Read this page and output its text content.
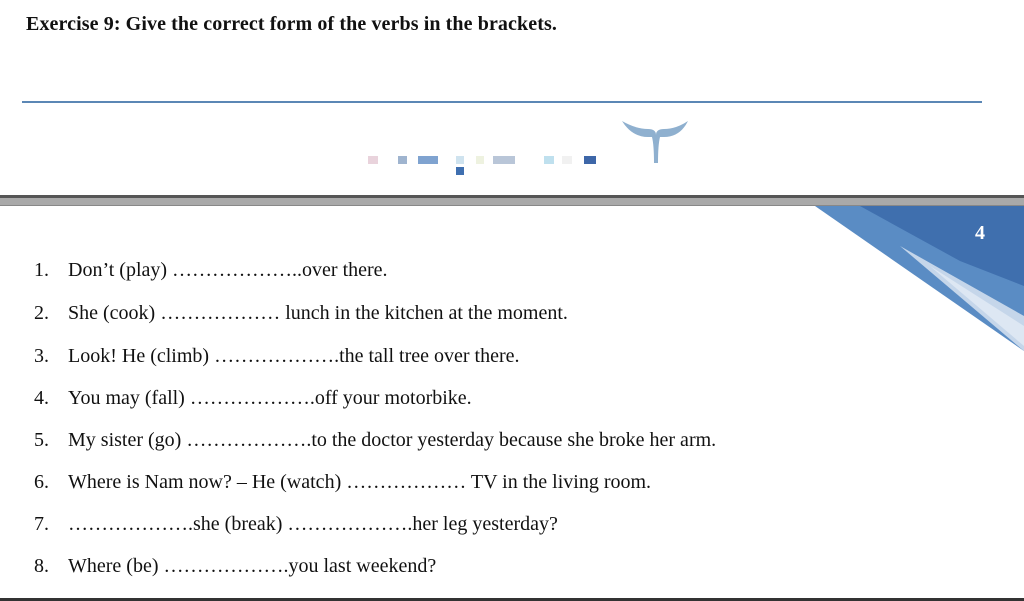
Exercise 9: Give the correct form of the verbs in the brackets.
4
1. Don’t (play) ………………..over there.
2. She (cook) ……………… lunch in the kitchen at the moment.
3. Look! He (climb) ……………….the tall tree over there.
4. You may (fall) ……………….off your motorbike.
5. My sister (go) ……………….to the doctor yesterday because she broke her arm.
6. Where is Nam now? – He (watch) ……………… TV in the living room.
7. ……………….she (break) ……………….her leg yesterday?
8. Where (be) ……………….you last weekend?
